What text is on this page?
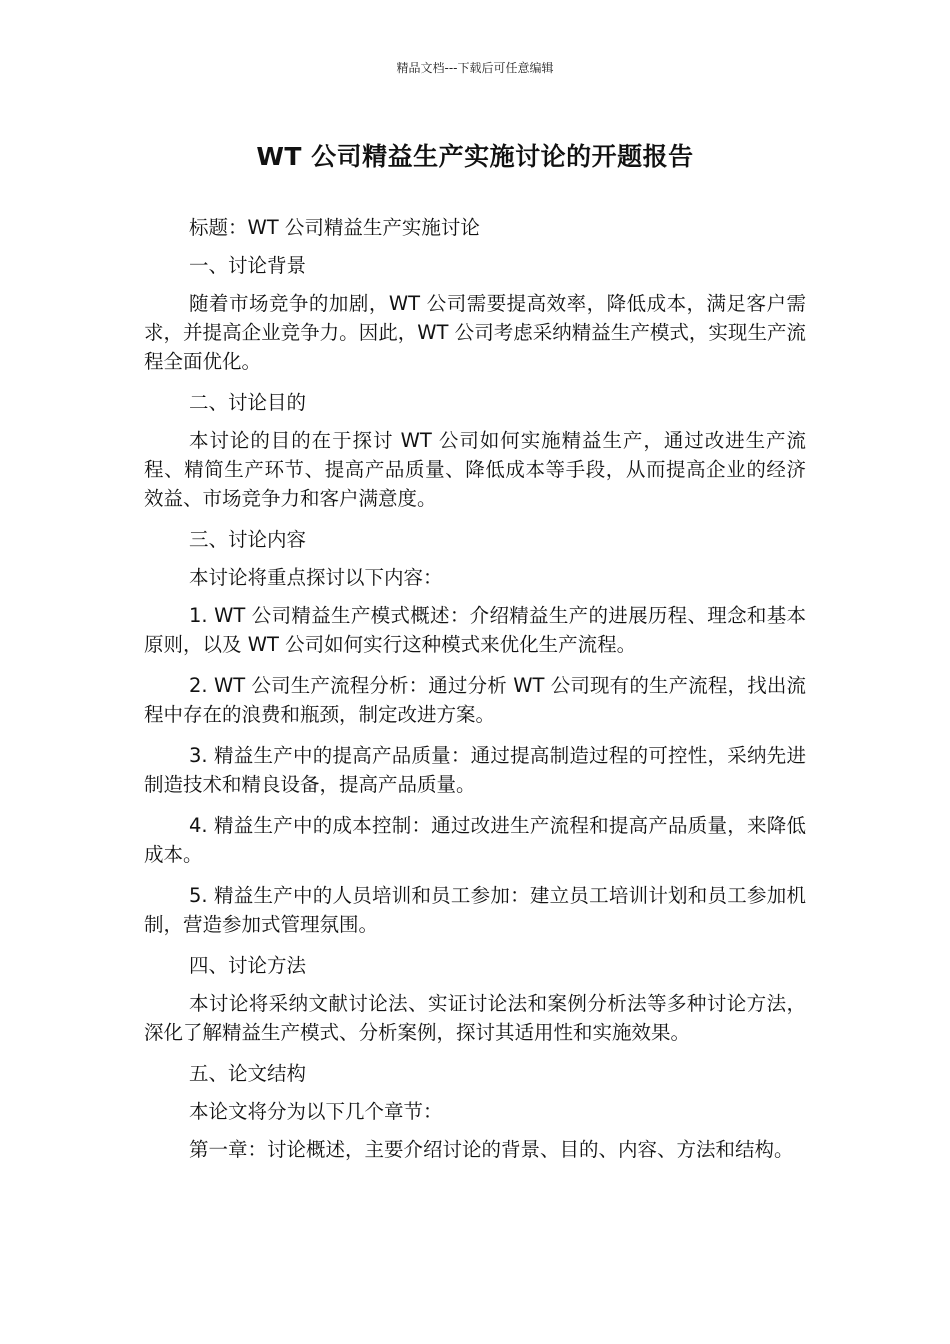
精品文档---下载后可任意编辑
WT 公司精益生产实施讨论的开题报告

标题：WT 公司精益生产实施讨论

一、讨论背景

随着市场竞争的加剧，WT 公司需要提高效率，降低成本，满足客户需求，并提高企业竞争力。因此，WT 公司考虑采纳精益生产模式，实现生产流程全面优化。

二、讨论目的

本讨论的目的在于探讨 WT 公司如何实施精益生产，通过改进生产流程、精简生产环节、提高产品质量、降低成本等手段，从而提高企业的经济效益、市场竞争力和客户满意度。

三、讨论内容

本讨论将重点探讨以下内容：

1. WT 公司精益生产模式概述：介绍精益生产的进展历程、理念和基本原则，以及 WT 公司如何实行这种模式来优化生产流程。

2. WT 公司生产流程分析：通过分析 WT 公司现有的生产流程，找出流程中存在的浪费和瓶颈，制定改进方案。

3. 精益生产中的提高产品质量：通过提高制造过程的可控性，采纳先进制造技术和精良设备，提高产品质量。

4. 精益生产中的成本控制：通过改进生产流程和提高产品质量，来降低成本。

5. 精益生产中的人员培训和员工参加：建立员工培训计划和员工参加机制，营造参加式管理氛围。

四、讨论方法

本讨论将采纳文献讨论法、实证讨论法和案例分析法等多种讨论方法，深化了解精益生产模式、分析案例，探讨其适用性和实施效果。

五、论文结构

本论文将分为以下几个章节：

第一章：讨论概述，主要介绍讨论的背景、目的、内容、方法和结构。
